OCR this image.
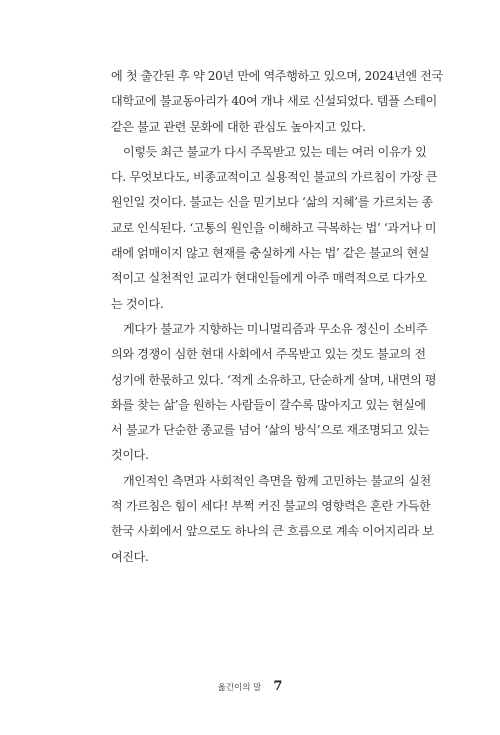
에 첫 출간된 후 약 20년 만에 역주행하고 있으며, 2024년엔 전국
대학교에 불교동아리가 40여 개나 새로 신설되었다. 템플 스테이
같은 불교 관련 문화에 대한 관심도 높아지고 있다.
이렇듯 최근 불교가 다시 주목받고 있는 데는 여러 이유가 있
다. 무엇보다도, 비종교적이고 실용적인 불교의 가르침이 가장 큰
원인일 것이다. 불교는 신을 믿기보다 ‘삶의 지혜’를 가르치는 종
교로 인식된다. ‘고통의 원인을 이해하고 극복하는 법’ ‘과거나 미
래에 얽매이지 않고 현재를 충실하게 사는 법’ 같은 불교의 현실
적이고 실천적인 교리가 현대인들에게 아주 매력적으로 다가오
는 것이다.
게다가 불교가 지향하는 미니멀리즘과 무소유 정신이 소비주
의와 경쟁이 심한 현대 사회에서 주목받고 있는 것도 불교의 전
성기에 한몫하고 있다. ‘적게 소유하고, 단순하게 살며, 내면의 평
화를 찾는 삶’을 원하는 사람들이 갈수록 많아지고 있는 현실에
서 불교가 단순한 종교를 넘어 ‘삶의 방식’으로 재조명되고 있는
것이다.
개인적인 측면과 사회적인 측면을 함께 고민하는 불교의 실천
적 가르침은 힘이 세다! 부쩍 커진 불교의 영향력은 혼란 가득한
한국 사회에서 앞으로도 하나의 큰 흐름으로 계속 이어지리라 보
여진다.
옮긴이의 말 7
